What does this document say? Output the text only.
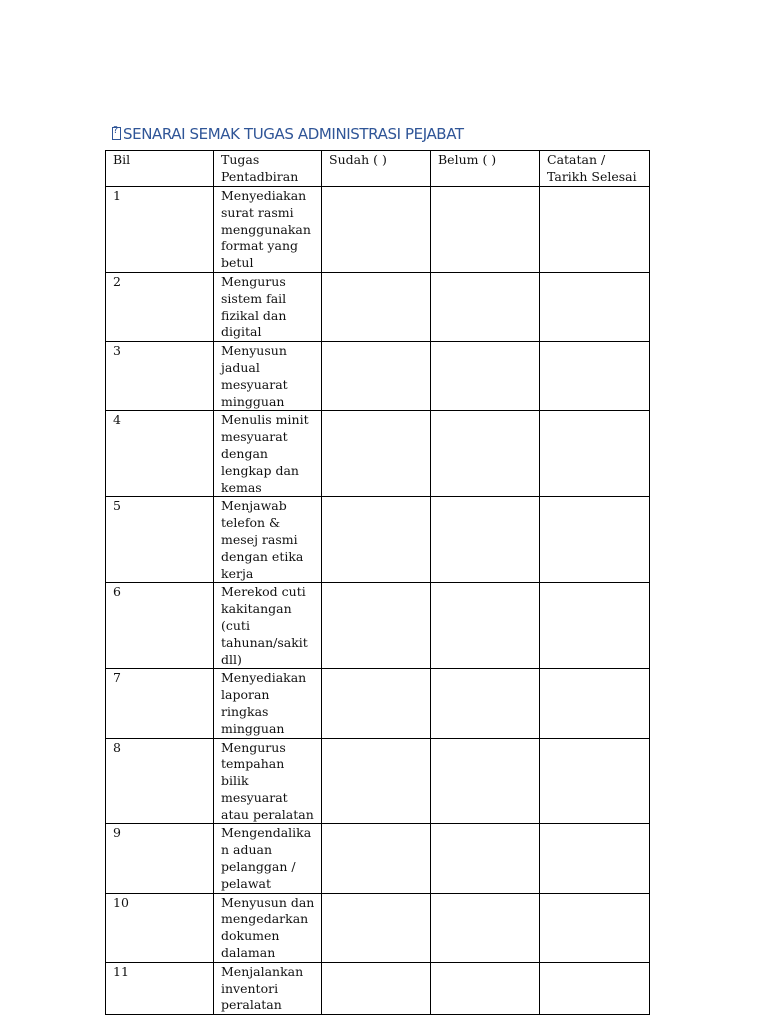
?SENARAI SEMAK TUGAS ADMINISTRASI PEJABAT
Bil	Tugas Pentadbiran	Sudah ( )	Belum ( )	Catatan / Tarikh Selesai
1	Menyediakan surat rasmi menggunakan format yang betul			
2	Mengurus sistem fail fizikal dan digital			
3	Menyusun jadual mesyuarat mingguan			
4	Menulis minit mesyuarat dengan lengkap dan kemas			
5	Menjawab telefon & mesej rasmi dengan etika kerja			
6	Merekod cuti kakitangan (cuti tahunan/sakit dll)			
7	Menyediakan laporan ringkas mingguan			
8	Mengurus tempahan bilik mesyuarat atau peralatan			
9	Mengendalikan aduan pelanggan / pelawat			
10	Menyusun dan mengedarkan dokumen dalaman			
11	Menjalankan inventori peralatan			
